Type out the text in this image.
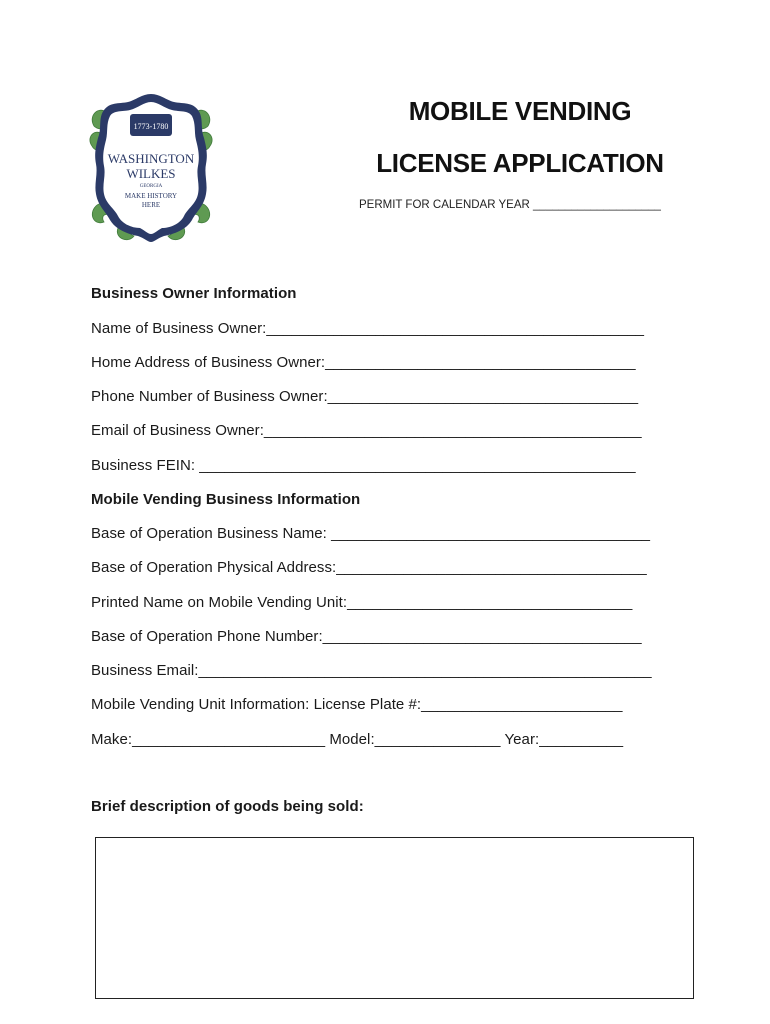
1773-1780
WASHINGTON
WILKES
GEORGIA
MAKE HISTORY
HERE
MOBILE VENDING
LICENSE APPLICATION
PERMIT FOR CALENDAR YEAR ____________________
Business Owner Information
Name of Business Owner:_____________________________________________
Home Address of Business Owner:_____________________________________
Phone Number of Business Owner:_____________________________________
Email of Business Owner:_____________________________________________
Business FEIN: ____________________________________________________
Mobile Vending Business Information
Base of Operation Business Name: ______________________________________
Base of Operation Physical Address:_____________________________________
Printed Name on Mobile Vending Unit:__________________________________
Base of Operation Phone Number:______________________________________
Business Email:______________________________________________________
Mobile Vending Unit Information: License Plate #:________________________
Make:_______________________ Model:_______________ Year:__________
Brief description of goods being sold:
